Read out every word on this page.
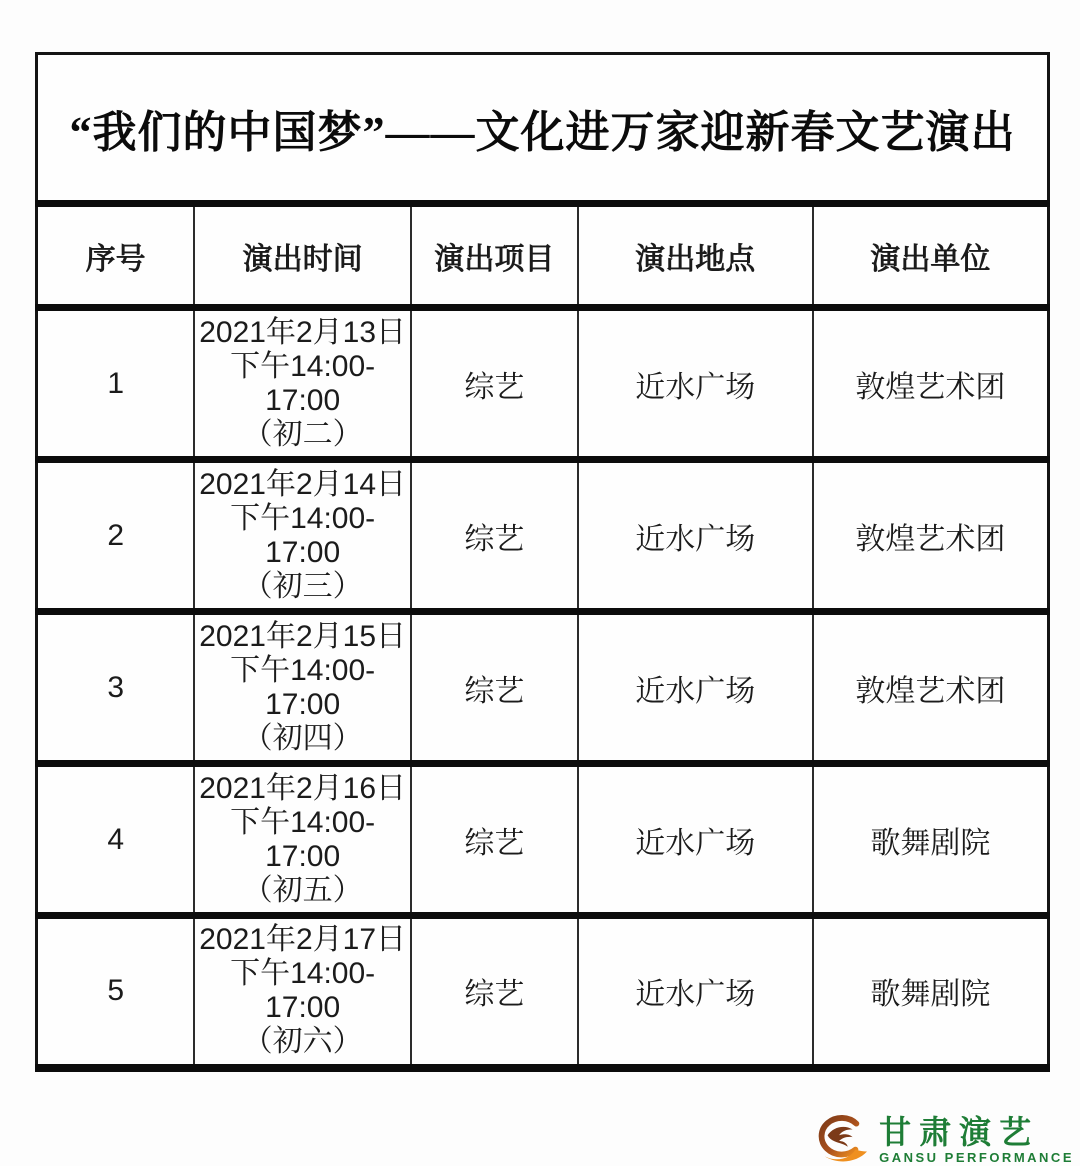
“我们的中国梦”——文化进万家迎新春文艺演出				
序号	演出时间	演出项目	演出地点	演出单位
1	2021年2月13日
下午14:00-17:00
（初二）	综艺	近水广场	敦煌艺术团
2	2021年2月14日
下午14:00-17:00
（初三）	综艺	近水广场	敦煌艺术团
3	2021年2月15日
下午14:00-17:00
（初四）	综艺	近水广场	敦煌艺术团
4	2021年2月16日
下午14:00-17:00
（初五）	综艺	近水广场	歌舞剧院
5	2021年2月17日
下午14:00-17:00
（初六）	综艺	近水广场	歌舞剧院
甘肃演艺
GANSU PERFORMANCE
